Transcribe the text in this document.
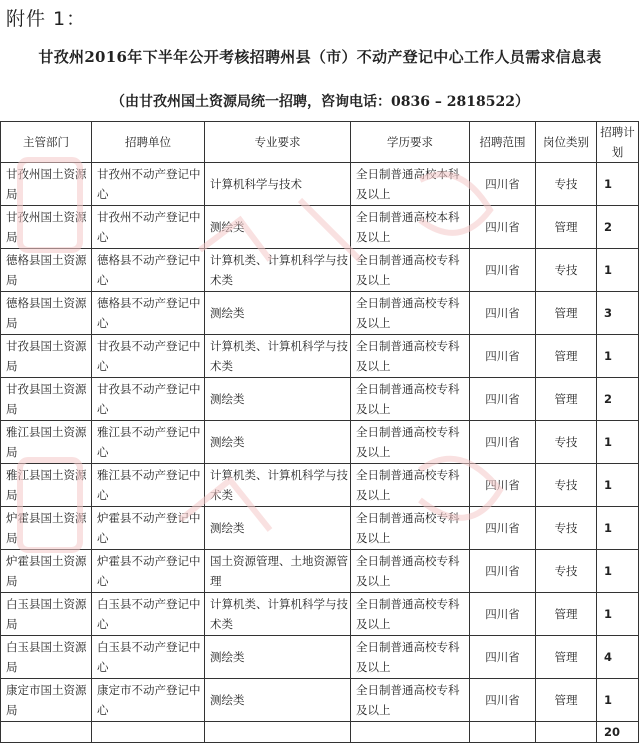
附件 1：
甘孜州2016年下半年公开考核招聘州县（市）不动产登记中心工作人员需求信息表
（由甘孜州国土资源局统一招聘，咨询电话：0836 – 2818522）
主管部门	招聘单位	专业要求	学历要求	招聘范围	岗位类别	招聘计划
甘孜州国土资源局	甘孜州不动产登记中心	计算机科学与技术	全日制普通高校本科及以上	四川省	专技	1
甘孜州国土资源局	甘孜州不动产登记中心	测绘类	全日制普通高校本科及以上	四川省	管理	2
德格县国土资源局	德格县不动产登记中心	计算机类、计算机科学与技术类	全日制普通高校专科及以上	四川省	专技	1
德格县国土资源局	德格县不动产登记中心	测绘类	全日制普通高校专科及以上	四川省	管理	3
甘孜县国土资源局	甘孜县不动产登记中心	计算机类、计算机科学与技术类	全日制普通高校专科及以上	四川省	管理	1
甘孜县国土资源局	甘孜县不动产登记中心	测绘类	全日制普通高校专科及以上	四川省	管理	2
雅江县国土资源局	雅江县不动产登记中心	测绘类	全日制普通高校专科及以上	四川省	专技	1
雅江县国土资源局	雅江县不动产登记中心	计算机类、计算机科学与技术类	全日制普通高校专科及以上	四川省	专技	1
炉霍县国土资源局	炉霍县不动产登记中心	测绘类	全日制普通高校专科及以上	四川省	专技	1
炉霍县国土资源局	炉霍县不动产登记中心	国土资源管理、土地资源管理	全日制普通高校专科及以上	四川省	专技	1
白玉县国土资源局	白玉县不动产登记中心	计算机类、计算机科学与技术类	全日制普通高校专科及以上	四川省	管理	1
白玉县国土资源局	白玉县不动产登记中心	测绘类	全日制普通高校专科及以上	四川省	管理	4
康定市国土资源局	康定市不动产登记中心	测绘类	全日制普通高校专科及以上	四川省	管理	1
						20
